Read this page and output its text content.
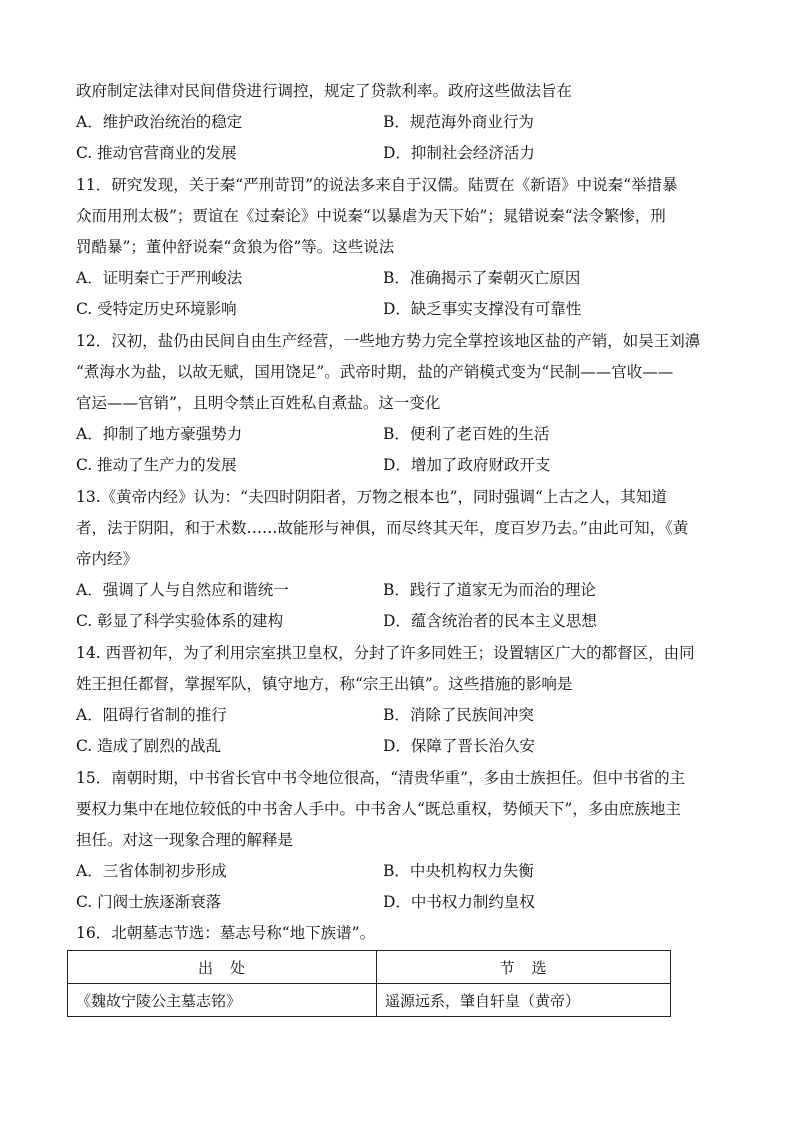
政府制定法律对民间借贷进行调控，规定了贷款利率。政府这些做法旨在
A．维护政治统治的稳定	B．规范海外商业行为
C. 推动官营商业的发展	D．抑制社会经济活力
11．研究发现，关于秦“严刑苛罚”的说法多来自于汉儒。陆贾在《新语》中说秦“举措暴
众而用刑太极”；贾谊在《过秦论》中说秦“以暴虐为天下始”；晁错说秦“法令繁惨，刑
罚酷暴”；董仲舒说秦“贪狼为俗”等。这些说法
A．证明秦亡于严刑峻法	B．准确揭示了秦朝灭亡原因
C. 受特定历史环境影响	D．缺乏事实支撑没有可靠性
12．汉初，盐仍由民间自由生产经营，一些地方势力完全掌控该地区盐的产销，如吴王刘濞
“煮海水为盐，以故无赋，国用饶足”。武帝时期，盐的产销模式变为“民制——官收——
官运——官销”，且明令禁止百姓私自煮盐。这一变化
A．抑制了地方豪强势力	B．便利了老百姓的生活
C. 推动了生产力的发展	D．增加了政府财政开支
13.《黄帝内经》认为：“夫四时阴阳者，万物之根本也”，同时强调“上古之人，其知道
者，法于阴阳，和于术数……故能形与神俱，而尽终其天年，度百岁乃去。”由此可知，《黄
帝内经》
A．强调了人与自然应和谐统一	B．践行了道家无为而治的理论
C. 彰显了科学实验体系的建构	D．蕴含统治者的民本主义思想
14. 西晋初年，为了利用宗室拱卫皇权，分封了许多同姓王；设置辖区广大的都督区，由同
姓王担任都督，掌握军队，镇守地方，称“宗王出镇”。这些措施的影响是
A．阻碍行省制的推行	B．消除了民族间冲突
C. 造成了剧烈的战乱	D．保障了晋长治久安
15．南朝时期，中书省长官中书令地位很高，“清贵华重”，多由士族担任。但中书省的主
要权力集中在地位较低的中书舍人手中。中书舍人“既总重权，势倾天下”，多由庶族地主
担任。对这一现象合理的解释是
A．三省体制初步形成	B．中央机构权力失衡
C. 门阀士族逐渐衰落	D．中书权力制约皇权
16．北朝墓志节选：墓志号称“地下族谱”。
出　处	节　选
《魏故宁陵公主墓志铭》	遥源远系，肇自轩皇（黄帝）
